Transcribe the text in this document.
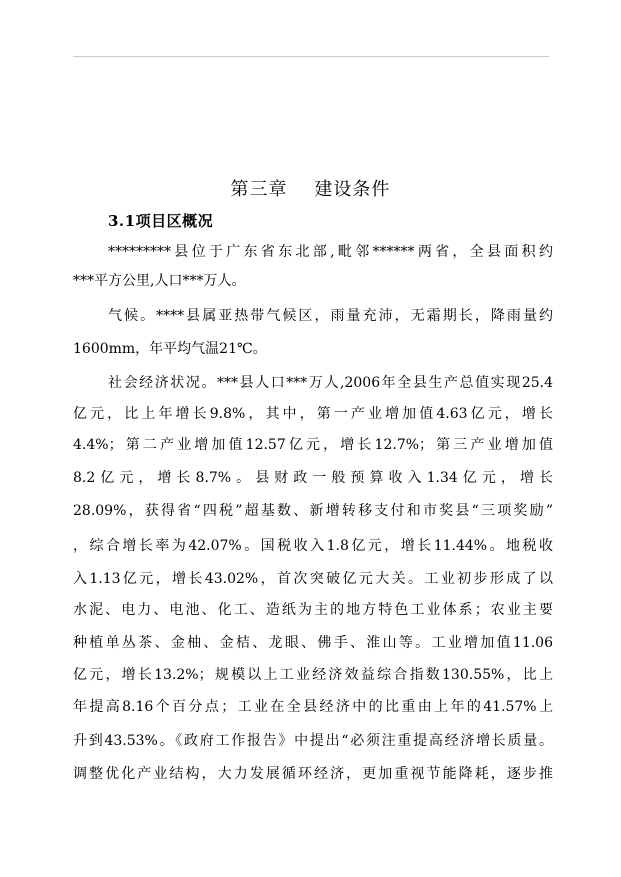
第三章    建设条件
3.1项目区概况
*********县位于广东省东北部,毗邻******两省，全县面积约
***平方公里,人口***万人。
气候。****县属亚热带气候区，雨量充沛，无霜期长，降雨量约
1600mm，年平均气温21℃。
社会经济状况。***县人口***万人,2006年全县生产总值实现25.4
亿元，比上年增长9.8%，其中，第一产业增加值4.63亿元，增长
4.4%；第二产业增加值12.57亿元，增长12.7%；第三产业增加值
8.2亿元，增长8.7%。县财政一般预算收入1.34亿元，增长
28.09%，获得省“四税”超基数、新增转移支付和市奖县“三项奖励”
，综合增长率为42.07%。国税收入1.8亿元，增长11.44%。地税收
入1.13亿元，增长43.02%，首次突破亿元大关。工业初步形成了以
水泥、电力、电池、化工、造纸为主的地方特色工业体系；农业主要
种植单丛茶、金柚、金桔、龙眼、佛手、淮山等。工业增加值11.06
亿元，增长13.2%；规模以上工业经济效益综合指数130.55%，比上
年提高8.16个百分点；工业在全县经济中的比重由上年的41.57%上
升到43.53%。《政府工作报告》中提出“必须注重提高经济增长质量。
调整优化产业结构，大力发展循环经济，更加重视节能降耗，逐步推
